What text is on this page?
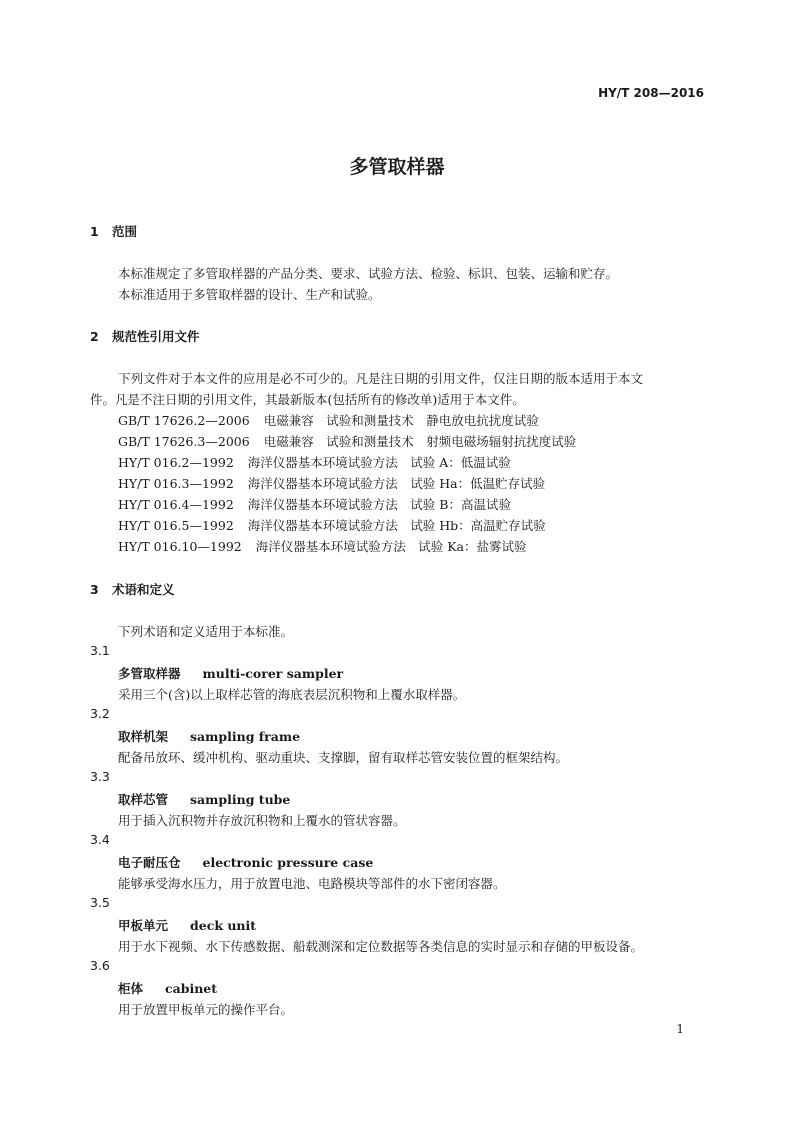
HY/T 208—2016
多管取样器
1 范围
本标准规定了多管取样器的产品分类、要求、试验方法、检验、标识、包装、运输和贮存。
本标准适用于多管取样器的设计、生产和试验。
2 规范性引用文件
下列文件对于本文件的应用是必不可少的。凡是注日期的引用文件，仅注日期的版本适用于本文
件。凡是不注日期的引用文件，其最新版本(包括所有的修改单)适用于本文件。
GB/T 17626.2—2006 电磁兼容　试验和测量技术　静电放电抗扰度试验
GB/T 17626.3—2006 电磁兼容　试验和测量技术　射频电磁场辐射抗扰度试验
HY/T 016.2—1992 海洋仪器基本环境试验方法　试验 A：低温试验
HY/T 016.3—1992 海洋仪器基本环境试验方法　试验 Ha：低温贮存试验
HY/T 016.4—1992 海洋仪器基本环境试验方法　试验 B：高温试验
HY/T 016.5—1992 海洋仪器基本环境试验方法　试验 Hb：高温贮存试验
HY/T 016.10—1992 海洋仪器基本环境试验方法　试验 Ka：盐雾试验
3 术语和定义
下列术语和定义适用于本标准。
3.1
多管取样器 multi-corer sampler
采用三个(含)以上取样芯管的海底表层沉积物和上覆水取样器。
3.2
取样机架 sampling frame
配备吊放环、缓冲机构、驱动重块、支撑脚，留有取样芯管安装位置的框架结构。
3.3
取样芯管 sampling tube
用于插入沉积物并存放沉积物和上覆水的管状容器。
3.4
电子耐压仓 electronic pressure case
能够承受海水压力，用于放置电池、电路模块等部件的水下密闭容器。
3.5
甲板单元 deck unit
用于水下视频、水下传感数据、船载测深和定位数据等各类信息的实时显示和存储的甲板设备。
3.6
柜体 cabinet
用于放置甲板单元的操作平台。
1
